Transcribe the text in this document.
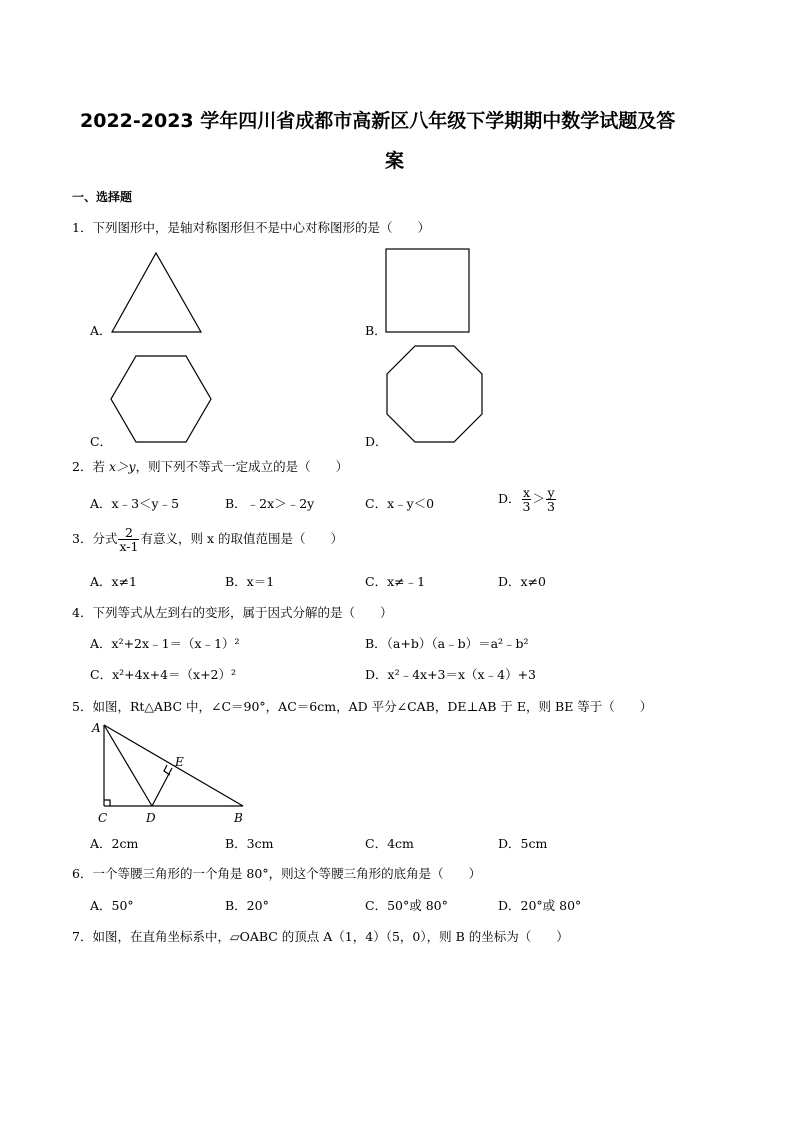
2022-2023 学年四川省成都市高新区八年级下学期期中数学试题及答
案
一、选择题
1．下列图形中，是轴对称图形但不是中心对称图形的是（　　）
A．	B．
C．	D．
2．若 x＞y，则下列不等式一定成立的是（　　）
A．x﹣3＜y﹣5	B．﹣2x＞﹣2y	C．x﹣y＜0	D． $\frac{x}{3} > \frac{y}{3}$
3．分式 $\frac{2}{x-1}$ 有意义，则 x 的取值范围是（　　）
A．x≠1	B．x＝1	C．x≠﹣1	D．x≠0
4．下列等式从左到右的变形，属于因式分解的是（　　）
A．x²+2x﹣1＝（x﹣1）²	B．（a+b）（a﹣b）＝a²﹣b²
C．x²+4x+4＝（x+2）²	D．x²﹣4x+3＝x（x﹣4）+3
5．如图，Rt△ABC 中，∠C＝90°，AC＝6cm，AD 平分∠CAB，DE⊥AB 于 E，则 BE 等于（　　）
A
E
C	D	B
A．2cm	B．3cm	C．4cm	D．5cm
6．一个等腰三角形的一个角是 80°，则这个等腰三角形的底角是（　　）
A．50°	B．20°	C．50°或 80°	D．20°或 80°
7．如图，在直角坐标系中，▱OABC 的顶点 A（1，4）（5，0），则 B 的坐标为（　　）
